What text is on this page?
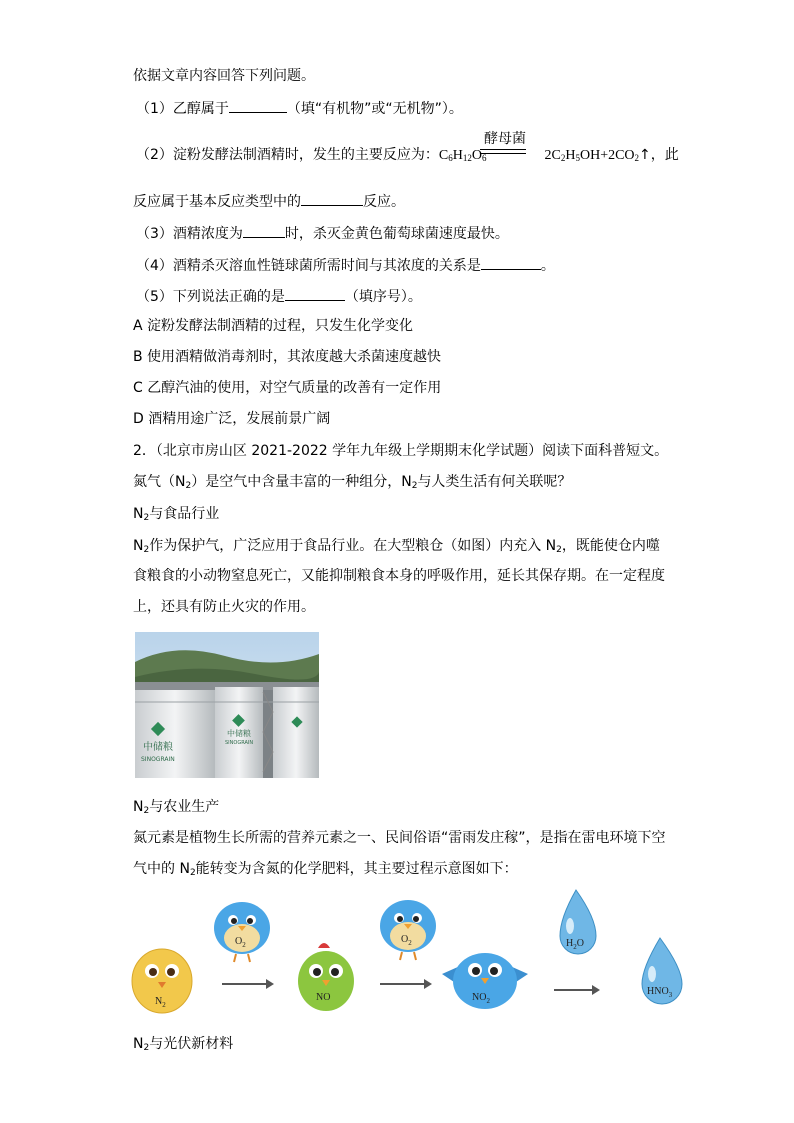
依据文章内容回答下列问题。
（1）乙醇属于	（填“有机物”或“无机物”）。
酵母菌
（2）淀粉发酵法制酒精时，发生的主要反应为：$C_6H_{12}O_6$	$2C_2H_5OH+2CO_2↑$，此
反应属于基本反应类型中的	反应。
（3）酒精浓度为	时，杀灭金黄色葡萄球菌速度最快。
（4）酒精杀灭溶血性链球菌所需时间与其浓度的关系是	。
（5）下列说法正确的是	（填序号）。
A 淀粉发酵法制酒精的过程，只发生化学变化
B 使用酒精做消毒剂时，其浓度越大杀菌速度越快
C 乙醇汽油的使用，对空气质量的改善有一定作用
D 酒精用途广泛，发展前景广阔
2．（北京市房山区 2021-2022 学年九年级上学期期末化学试题）阅读下面科普短文。
氮气$(N_2)$是空气中含量丰富的一种组分，$N_2$与人类生活有何关联呢？
$N_2$与食品行业
$N_2$作为保护气，广泛应用于食品行业。在大型粮仓（如图）内充入 $N_2$，既能使仓内噬
食粮食的小动物窒息死亡，又能抑制粮食本身的呼吸作用，延长其保存期。在一定程度
上，还具有防止火灾的作用。
中储粮
SINOGRAIN
中储粮
SINOGRAIN
$N_2$与农业生产
氮元素是植物生长所需的营养元素之一、民间俗语“雷雨发庄稼”，是指在雷电环境下空
气中的 $N_2$能转变为含氮的化学肥料，其主要过程示意图如下：
$N_2$
$O_2$
NO
$O_2$
$NO_2$
$H_2O$
$HNO_3$
$N_2$与光伏新材料
